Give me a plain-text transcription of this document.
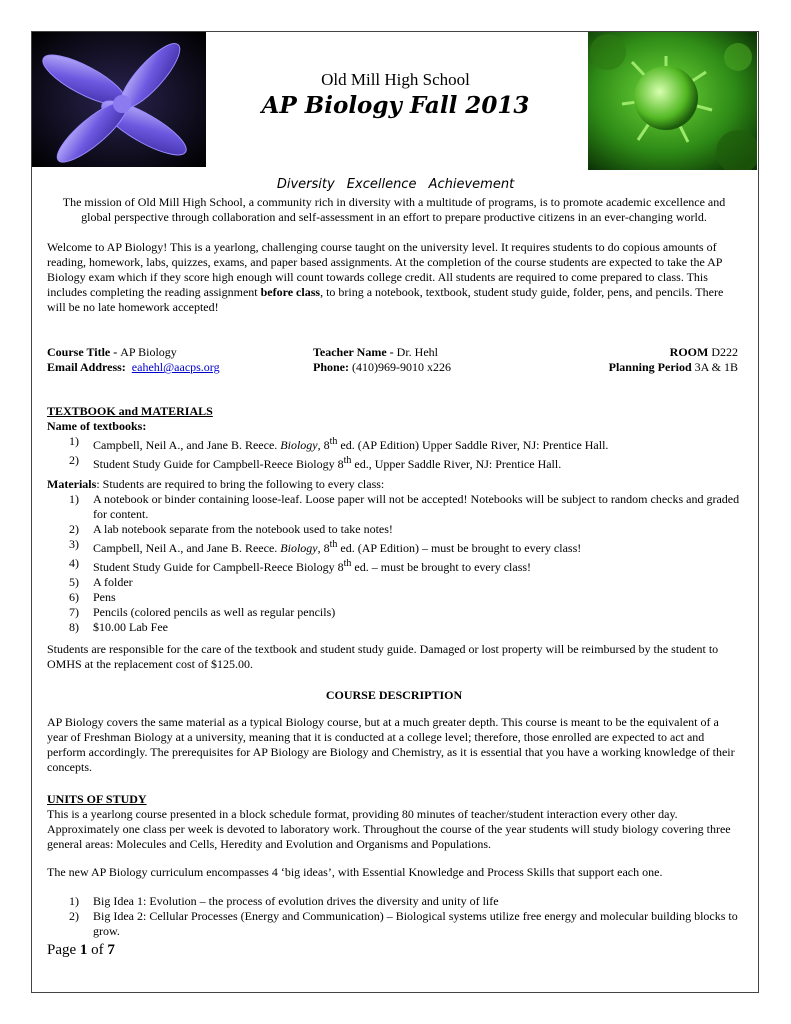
Old Mill High School
AP Biology Fall 2013
Diversity Excellence Achievement
The mission of Old Mill High School, a community rich in diversity with a multitude of programs, is to promote academic excellence and global perspective through collaboration and self-assessment in an effort to prepare productive citizens in an ever-changing world.
Welcome to AP Biology! This is a yearlong, challenging course taught on the university level. It requires students to do copious amounts of reading, homework, labs, quizzes, exams, and paper based assignments. At the completion of the course students are expected to take the AP Biology exam which if they score high enough will count towards college credit. All students are required to come prepared to class. This includes completing the reading assignment before class, to bring a notebook, textbook, student study guide, folder, pens, and pencils. There will be no late homework accepted!
Course Title - AP Biology	Teacher Name - Dr. Hehl	ROOM D222
Email Address: eahehl@aacps.org	Phone: (410)969-9010 x226	Planning Period 3A & 1B
TEXTBOOK and MATERIALS
Name of textbooks:
1) Campbell, Neil A., and Jane B. Reece. Biology, 8th ed. (AP Edition) Upper Saddle River, NJ: Prentice Hall.
2) Student Study Guide for Campbell-Reece Biology 8th ed., Upper Saddle River, NJ: Prentice Hall.
Materials: Students are required to bring the following to every class:
1) A notebook or binder containing loose-leaf. Loose paper will not be accepted! Notebooks will be subject to random checks and graded for content.
2) A lab notebook separate from the notebook used to take notes!
3) Campbell, Neil A., and Jane B. Reece. Biology, 8th ed. (AP Edition) – must be brought to every class!
4) Student Study Guide for Campbell-Reece Biology 8th ed. – must be brought to every class!
5) A folder
6) Pens
7) Pencils (colored pencils as well as regular pencils)
8) $10.00 Lab Fee
Students are responsible for the care of the textbook and student study guide. Damaged or lost property will be reimbursed by the student to OMHS at the replacement cost of $125.00.
COURSE DESCRIPTION
AP Biology covers the same material as a typical Biology course, but at a much greater depth. This course is meant to be the equivalent of a year of Freshman Biology at a university, meaning that it is conducted at a college level; therefore, those enrolled are expected to act and perform accordingly. The prerequisites for AP Biology are Biology and Chemistry, as it is essential that you have a working knowledge of their concepts.
UNITS OF STUDY
This is a yearlong course presented in a block schedule format, providing 80 minutes of teacher/student interaction every other day. Approximately one class per week is devoted to laboratory work. Throughout the course of the year students will study biology covering three general areas: Molecules and Cells, Heredity and Evolution and Organisms and Populations.
The new AP Biology curriculum encompasses 4 ‘big ideas’, with Essential Knowledge and Process Skills that support each one.
1) Big Idea 1: Evolution – the process of evolution drives the diversity and unity of life
2) Big Idea 2: Cellular Processes (Energy and Communication) – Biological systems utilize free energy and molecular building blocks to grow.
Page 1 of 7
